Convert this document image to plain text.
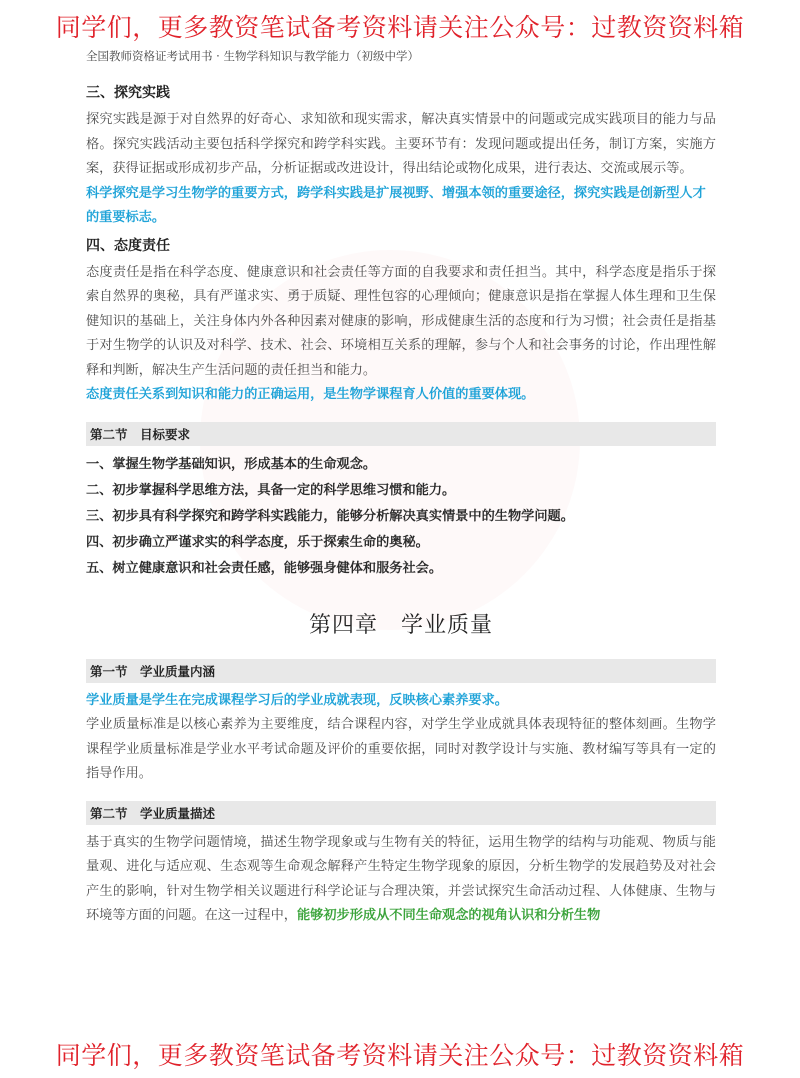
同学们，更多教资笔试备考资料请关注公众号：过教资资料箱
全国教师资格证考试用书 · 生物学科知识与教学能力（初级中学）
三、探究实践
探究实践是源于对自然界的好奇心、求知欲和现实需求，解决真实情景中的问题或完成实践项目的能力与品格。探究实践活动主要包括科学探究和跨学科实践。主要环节有：发现问题或提出任务，制订方案，实施方案，获得证据或形成初步产品，分析证据或改进设计，得出结论或物化成果，进行表达、交流或展示等。
科学探究是学习生物学的重要方式，跨学科实践是扩展视野、增强本领的重要途径，探究实践是创新型人才的重要标志。
四、态度责任
态度责任是指在科学态度、健康意识和社会责任等方面的自我要求和责任担当。其中，科学态度是指乐于探索自然界的奥秘，具有严谨求实、勇于质疑、理性包容的心理倾向；健康意识是指在掌握人体生理和卫生保健知识的基础上，关注身体内外各种因素对健康的影响，形成健康生活的态度和行为习惯；社会责任是指基于对生物学的认识及对科学、技术、社会、环境相互关系的理解，参与个人和社会事务的讨论，作出理性解释和判断，解决生产生活问题的责任担当和能力。
态度责任关系到知识和能力的正确运用，是生物学课程育人价值的重要体现。
第二节　目标要求
一、掌握生物学基础知识，形成基本的生命观念。
二、初步掌握科学思维方法，具备一定的科学思维习惯和能力。
三、初步具有科学探究和跨学科实践能力，能够分析解决真实情景中的生物学问题。
四、初步确立严谨求实的科学态度，乐于探索生命的奥秘。
五、树立健康意识和社会责任感，能够强身健体和服务社会。
第四章　学业质量
第一节　学业质量内涵
学业质量是学生在完成课程学习后的学业成就表现，反映核心素养要求。
学业质量标准是以核心素养为主要维度，结合课程内容，对学生学业成就具体表现特征的整体刻画。生物学课程学业质量标准是学业水平考试命题及评价的重要依据，同时对教学设计与实施、教材编写等具有一定的指导作用。
第二节　学业质量描述
基于真实的生物学问题情境，描述生物学现象或与生物有关的特征，运用生物学的结构与功能观、物质与能量观、进化与适应观、生态观等生命观念解释产生特定生物学现象的原因，分析生物学的发展趋势及对社会产生的影响，针对生物学相关议题进行科学论证与合理决策，并尝试探究生命活动过程、人体健康、生物与环境等方面的问题。在这一过程中，能够初步形成从不同生命观念的视角认识和分析生物
同学们，更多教资笔试备考资料请关注公众号：过教资资料箱
